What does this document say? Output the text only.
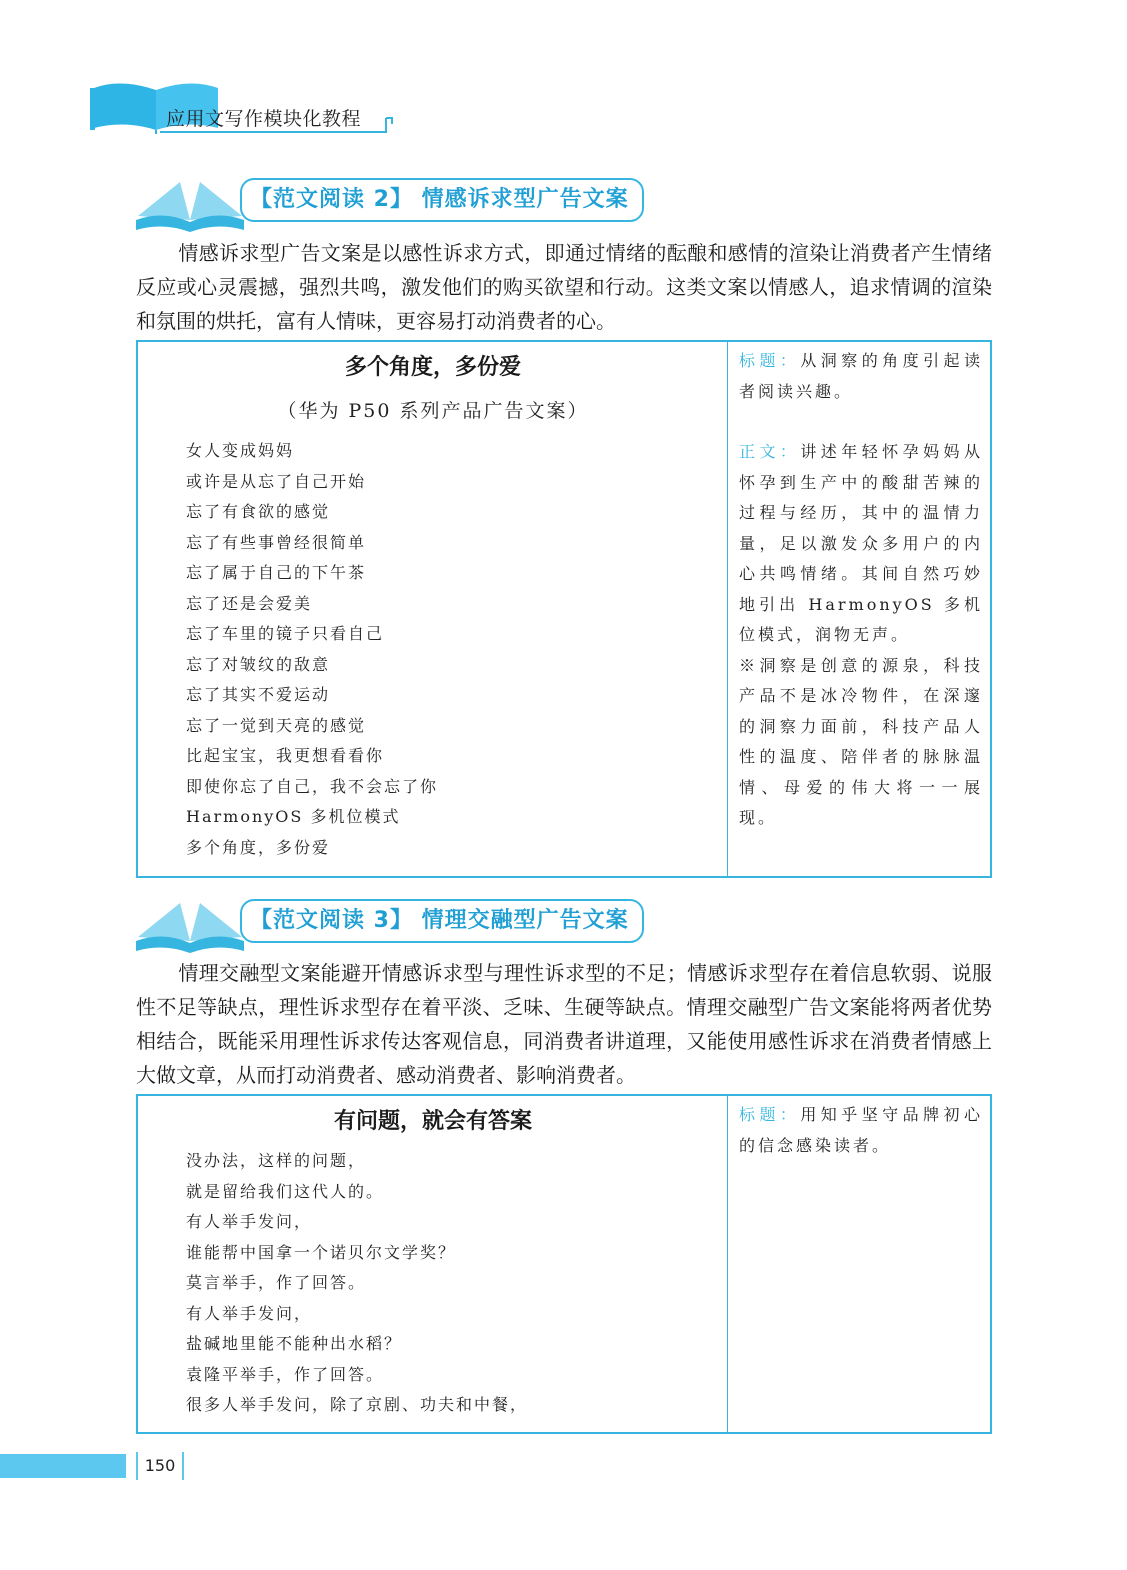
应用文写作模块化教程
【范文阅读 2】 情感诉求型广告文案

情感诉求型广告文案是以感性诉求方式，即通过情绪的酝酿和感情的渲染让消费者产生情绪反应或心灵震撼，强烈共鸣，激发他们的购买欲望和行动。这类文案以情感人，追求情调的渲染和氛围的烘托，富有人情味，更容易打动消费者的心。

多个角度，多份爱
（华为 P50 系列产品广告文案）
女人变成妈妈
或许是从忘了自己开始
忘了有食欲的感觉
忘了有些事曾经很简单
忘了属于自己的下午茶
忘了还是会爱美
忘了车里的镜子只看自己
忘了对皱纹的敌意
忘了其实不爱运动
忘了一觉到天亮的感觉
比起宝宝，我更想看看你
即使你忘了自己，我不会忘了你
HarmonyOS 多机位模式
多个角度，多份爱

标题：从洞察的角度引起读者阅读兴趣。

正文：讲述年轻怀孕妈妈从怀孕到生产中的酸甜苦辣的过程与经历，其中的温情力量，足以激发众多用户的内心共鸣情绪。其间自然巧妙地引出 HarmonyOS 多机位模式，润物无声。

※洞察是创意的源泉，科技产品不是冰冷物件，在深邃的洞察力面前，科技产品人性的温度、陪伴者的脉脉温情、母爱的伟大将一一展现。

【范文阅读 3】 情理交融型广告文案

情理交融型文案能避开情感诉求型与理性诉求型的不足；情感诉求型存在着信息软弱、说服性不足等缺点，理性诉求型存在着平淡、乏味、生硬等缺点。情理交融型广告文案能将两者优势相结合，既能采用理性诉求传达客观信息，同消费者讲道理，又能使用感性诉求在消费者情感上大做文章，从而打动消费者、感动消费者、影响消费者。

有问题，就会有答案
没办法，这样的问题，
就是留给我们这代人的。
有人举手发问，
谁能帮中国拿一个诺贝尔文学奖？
莫言举手，作了回答。
有人举手发问，
盐碱地里能不能种出水稻？
袁隆平举手，作了回答。
很多人举手发问，除了京剧、功夫和中餐，

标题：用知乎坚守品牌初心的信念感染读者。

150
